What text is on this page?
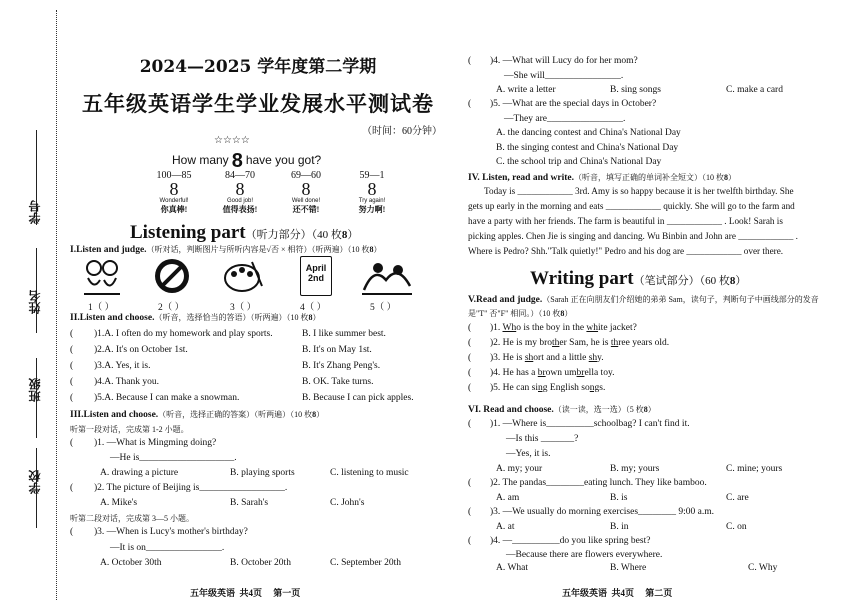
学号
姓名
班级
学校
2024—2025 学年度第二学期
五年级英语学生学业发展水平测试卷
（时间：60分钟）
☆☆☆☆
How many 8 have you got?
100—85
8
Wonderful!
你真棒!
84—70
8
Good job!
值得表扬!
69—60
8
Well done!
还不错!
59—1
8
Try again!
努力啊!
Listening part（听力部分）（40 枚8）
I.Listen and judge.（听对话，判断图片与所听内容是√否 × 相符）（听两遍）（10 枚8）
April
2nd
1（ ）	2（ ）	3（ ）	4（ ）	5（ ）
II.Listen and choose.（听音，选择恰当的答语）（听两遍）（10 枚8）
( )1.A. I often do my homework and play sports.	B. I like summer best.
( )2.A. It's on October 1st.	B. It's on May 1st.
( )3.A. Yes, it is.	B. It's Zhang Peng's.
( )4.A. Thank you.	B. OK. Take turns.
( )5.A. Because I can make a snowman.	B. Because I can pick apples.
III.Listen and choose.（听音，选择正确的答案）（听两遍）（10 枚8）
听第一段对话，完成第 1-2 小题。
( )1. —What is Mingming doing?
—He is____________________.
A. drawing a picture	B. playing sports	C. listening to music
( )2. The picture of Beijing is__________________.
A. Mike's	B. Sarah's	C. John's
听第二段对话，完成第 3—5 小题。
( )3. —When is Lucy's mother's birthday?
—It is on________________.
A. October 30th	B. October 20th	C. September 20th
五年级英语  共4页     第一页
( )4. —What will Lucy do for her mom?
—She will________________.
A. write a letter	B. sing songs	C. make a card
( )5. —What are the special days in October?
—They are________________.
A. the dancing contest and China's National Day
B. the singing contest and China's National Day
C. the school trip and China's National Day
IV. Listen, read and write.（听音，填写正确的单词补全短文）（10 枚8）
Today is ____________ 3rd. Amy is so happy because it is her twelfth birthday. She
gets up early in the morning and eats ____________ quickly. She will go to the farm and
have a party with her friends. The farm is beautiful in ____________ . Look! Sarah is
picking apples. Chen Jie is singing and dancing. Wu Binbin and John are ____________ .
Where is Pedro? Shh."Talk quietly!" Pedro and his dog are ____________ over there.
Writing part（笔试部分）（60 枚8）
V.Read and judge.（Sarah 正在向朋友们介绍她的弟弟 Sam，读句子，判断句子中画线部分的发音
是"T" 否"F" 相同。）（10 枚8）
( )1. Who is the boy in the white jacket?
( )2. He is my brother Sam, he is three years old.
( )3. He is short and a little shy.
( )4. He has a brown umbrella toy.
( )5. He can sing English songs.
VI. Read and choose.（读一读，选一选）（5 枚8）
( )1. —Where is__________schoolbag? I can't find it.
—Is this _______?
—Yes, it is.
A. my; your	B. my; yours	C. mine; yours
( )2. The pandas________eating lunch. They like bamboo.
A. am	B. is	C. are
( )3. —We usually do morning exercises________ 9:00 a.m.
A. at	B. in	C. on
( )4. —__________do you like spring best?
—Because there are flowers everywhere.
A. What	B. Where	C. Why
五年级英语  共4页     第二页
